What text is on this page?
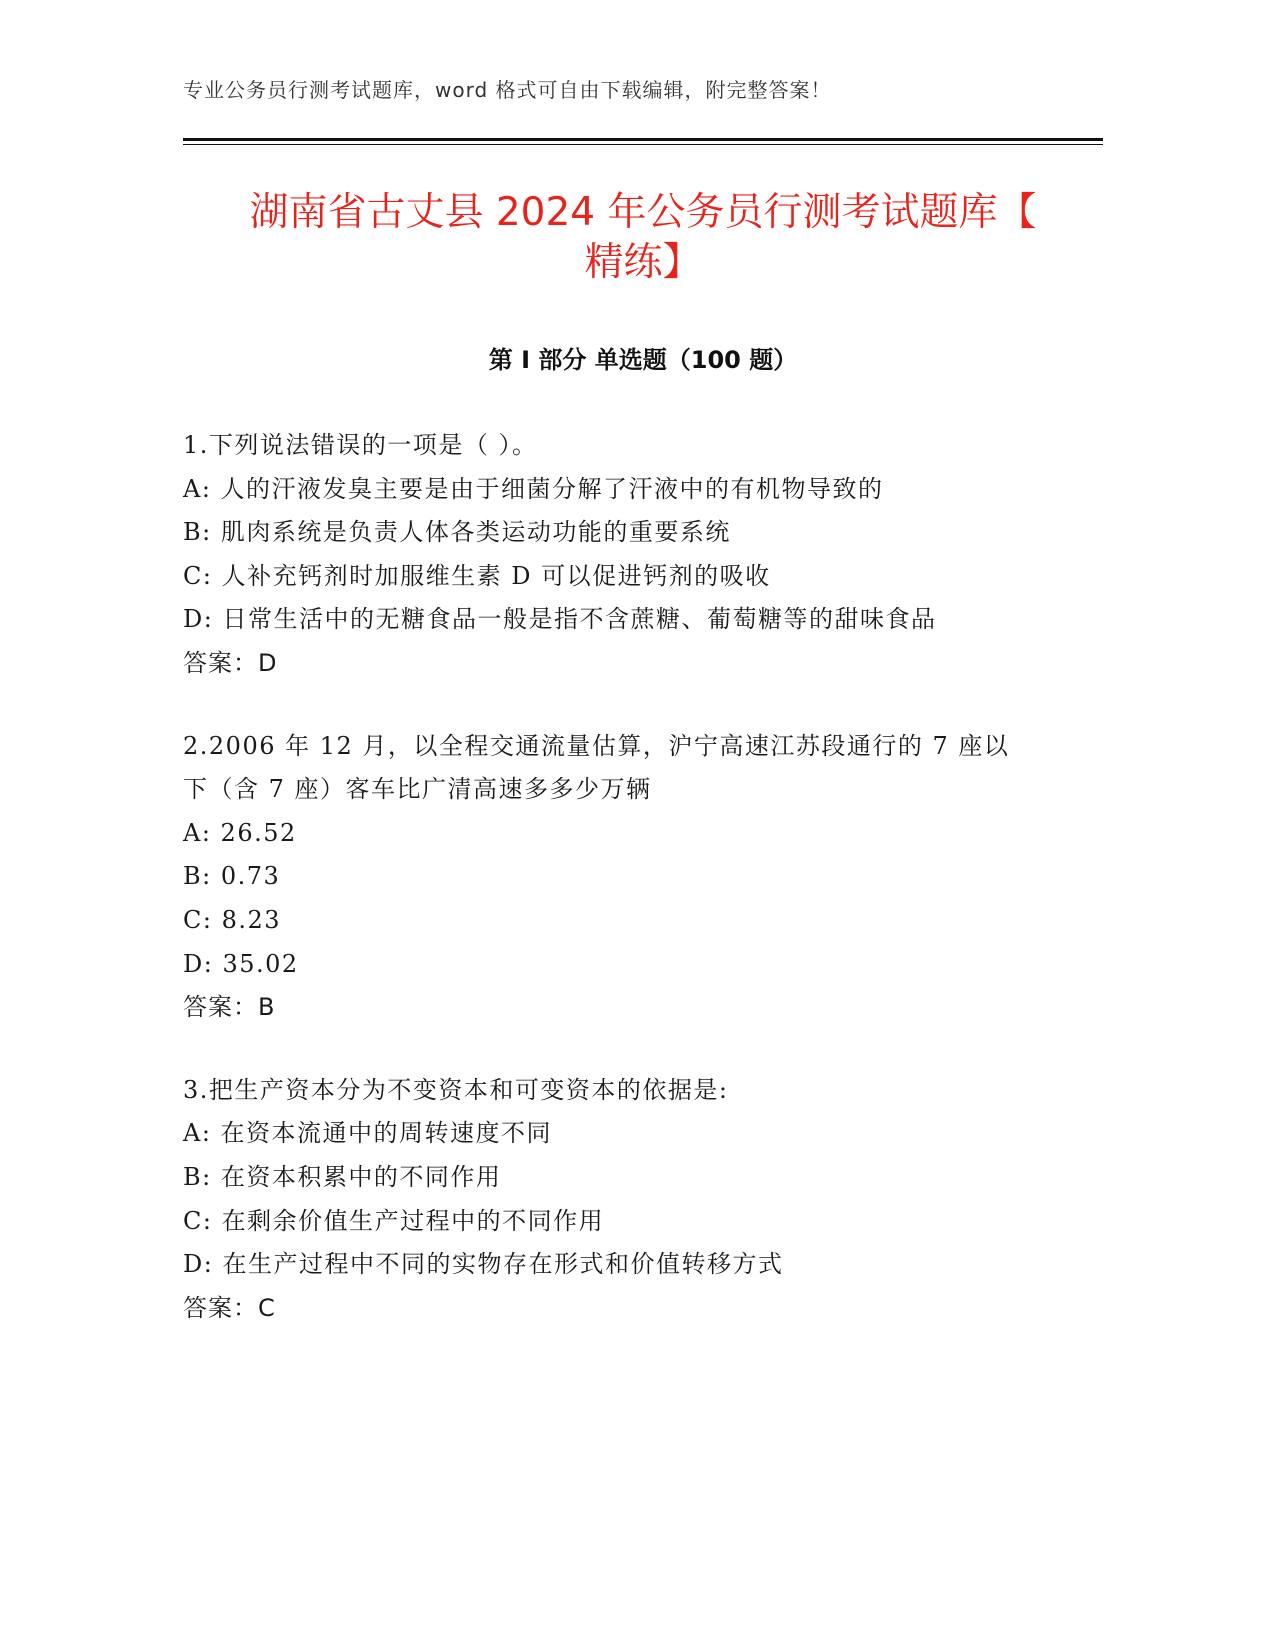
专业公务员行测考试题库，word 格式可自由下载编辑，附完整答案！
湖南省古丈县 2024 年公务员行测考试题库【
精练】
第 I 部分 单选题（100 题）
1.下列说法错误的一项是（ ）。
A: 人的汗液发臭主要是由于细菌分解了汗液中的有机物导致的
B: 肌肉系统是负责人体各类运动功能的重要系统
C: 人补充钙剂时加服维生素 D 可以促进钙剂的吸收
D: 日常生活中的无糖食品一般是指不含蔗糖、葡萄糖等的甜味食品
答案：D
2.2006 年 12 月，以全程交通流量估算，沪宁高速江苏段通行的 7 座以
下（含 7 座）客车比广清高速多多少万辆
A: 26.52
B: 0.73
C: 8.23
D: 35.02
答案：B
3.把生产资本分为不变资本和可变资本的依据是:
A: 在资本流通中的周转速度不同
B: 在资本积累中的不同作用
C: 在剩余价值生产过程中的不同作用
D: 在生产过程中不同的实物存在形式和价值转移方式
答案：C
